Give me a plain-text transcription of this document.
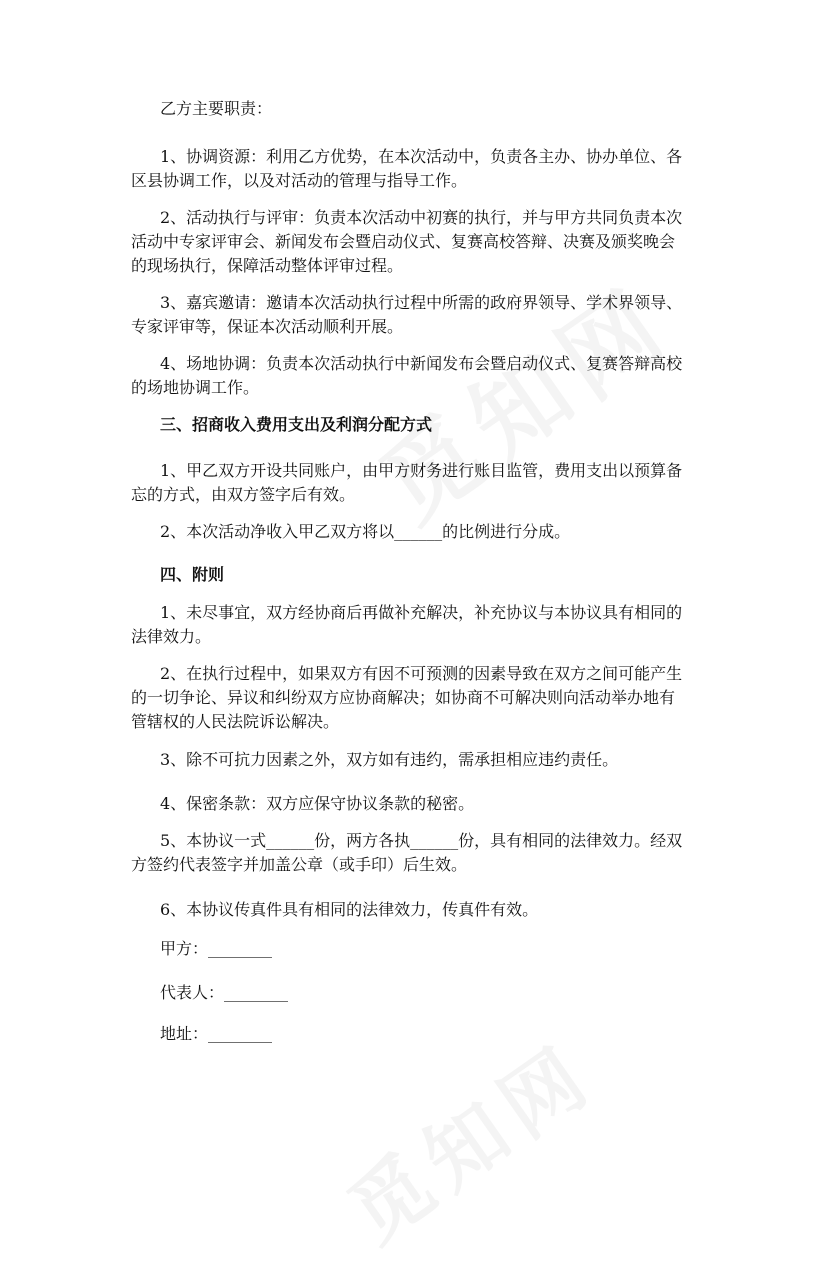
乙方主要职责：
1、协调资源：利用乙方优势，在本次活动中，负责各主办、协办单位、各
区县协调工作，以及对活动的管理与指导工作。
2、活动执行与评审：负责本次活动中初赛的执行，并与甲方共同负责本次
活动中专家评审会、新闻发布会暨启动仪式、复赛高校答辩、决赛及颁奖晚会
的现场执行，保障活动整体评审过程。
3、嘉宾邀请：邀请本次活动执行过程中所需的政府界领导、学术界领导、
专家评审等，保证本次活动顺利开展。
4、场地协调：负责本次活动执行中新闻发布会暨启动仪式、复赛答辩高校
的场地协调工作。
三、招商收入费用支出及利润分配方式
1、甲乙双方开设共同账户，由甲方财务进行账目监管，费用支出以预算备
忘的方式，由双方签字后有效。
2、本次活动净收入甲乙双方将以______的比例进行分成。
四、附则
1、未尽事宜，双方经协商后再做补充解决，补充协议与本协议具有相同的
法律效力。
2、在执行过程中，如果双方有因不可预测的因素导致在双方之间可能产生
的一切争论、异议和纠纷双方应协商解决；如协商不可解决则向活动举办地有
管辖权的人民法院诉讼解决。
3、除不可抗力因素之外，双方如有违约，需承担相应违约责任。
4、保密条款：双方应保守协议条款的秘密。
5、本协议一式______份，两方各执______份，具有相同的法律效力。经双
方签约代表签字并加盖公章（或手印）后生效。
6、本协议传真件具有相同的法律效力，传真件有效。
甲方：________
代表人：________
地址：________
